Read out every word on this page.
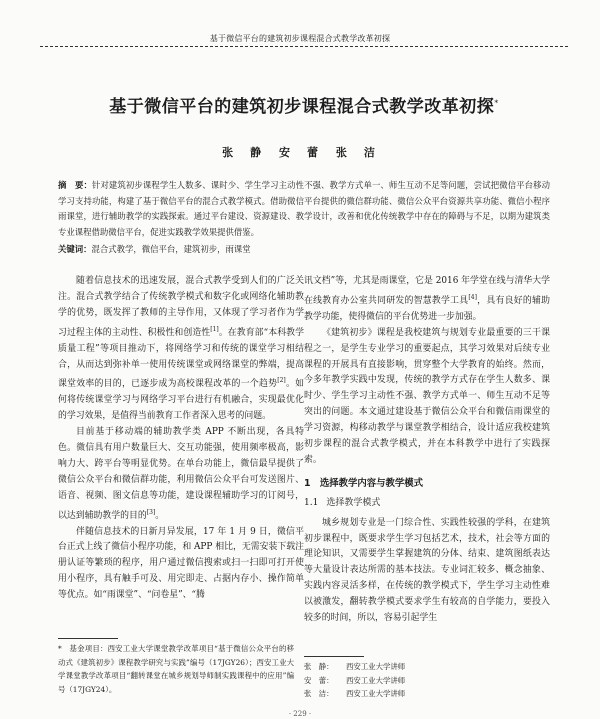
基于微信平台的建筑初步课程混合式教学改革初探
基于微信平台的建筑初步课程混合式教学改革初探*
张　静 安　蕾 张　洁
摘　要：针对建筑初步课程学生人数多、课时少、学生学习主动性不强、教学方式单一、师生互动不足等问题，尝试把微信平台移动学习支持功能，构建了基于微信平台的混合式教学模式。借助微信平台提供的微信群功能、微信公众平台资源共享功能、微信小程序雨课堂，进行辅助教学的实践探索。通过平台建设、资源建设、教学设计，改善和优化传统教学中存在的障碍与不足，以期为建筑类专业课程借助微信平台，促进实践教学效果提供借鉴。
关键词：混合式教学，微信平台，建筑初步，雨课堂

随着信息技术的迅速发展，混合式教学受到人们的广泛关注。混合式教学结合了传统教学模式和数字化或网络化辅助教学的优势，既发挥了教师的主导作用，又体现了学习者作为学习过程主体的主动性、积极性和创造性[1]。在教育部“本科教学质量工程”等项目推动下，将网络学习和传统的课堂学习相结合，从而达到弥补单一使用传统课堂或网络课堂的弊端，提高课堂效率的目的，已逐步成为高校课程改革的一个趋势[2]。如何将传统课堂学习与网络学习平台进行有机融合，实现最优化的学习效果，是值得当前教育工作者深入思考的问题。

目前基于移动端的辅助教学类 APP 不断出现，各具特色。微信具有用户数量巨大、交互功能强，使用频率极高，影响力大、跨平台等明显优势。在单台功能上，微信最早提供了微信公众平台和微信群功能，利用微信公众平台可发送图片、语音、视频、图文信息等功能，建设课程辅助学习的订阅号，以达到辅助教学的目的[3]。

伴随信息技术的日新月异发展，17 年 1 月 9 日，微信平台正式上线了微信小程序功能，和 APP 相比，无需安装下载注册认证等繁琐的程序，用户通过微信搜索或扫一扫即可打开使用小程序，具有触手可及、用完即走、占据内存小、操作简单等优点。如“雨课堂”、“问卷星”、“腾

讯文档”等，尤其是雨课堂，它是 2016 年学堂在线与清华大学在线教育办公室共同研发的智慧教学工具[4]，具有良好的辅助教学功能，使得微信的平台优势进一步加强。

《建筑初步》课程是我校建筑与规划专业最重要的三干课程之一，是学生专业学习的重要起点，其学习效果对后续专业课程的开展具有直接影响，贯穿整个大学教育的始终。然而，今多年教学实践中发现，传统的教学方式存在学生人数多、课时少、学生学习主动性不强、教学方式单一、师生互动不足等突出的问题。本文通过建设基于微信公众平台和微信雨课堂的学习资源，构移动教学与课堂教学相结合，设计适应我校建筑初步课程的混合式教学模式，并在本科教学中进行了实践探索。

1　 选择教学内容与教学模式
1.1 选择教学模式

城乡规划专业是一门综合性、实践性较强的学科，在建筑初步课程中，既要求学生学习包括艺术，技术，社会等方面的理论知识，又需要学生掌握建筑的分体、结束、建筑图纸表达等大量设计表达所需的基本技法。专业词汇较多、概念抽象、实践内容灵活多样，在传统的教学模式下，学生学习主动性难以被激发，翻转教学模式要求学生有较高的自学能力，要投入较多的时间，所以，容易引起学生

*　 基金项目：西安工业大学课堂教学改革项目“基于微信公众平台的移动式《建筑初步》课程教学研究与实践”编号（17JGY26）；西安工业大学课堂教学改革项目“翻转课堂在城乡规划导师制实践课程中的应用”编号（17JGY24）。
张　静： 西安工业大学讲师
安　蕾： 西安工业大学讲师
张　洁： 西安工业大学讲师
· 229 ·
